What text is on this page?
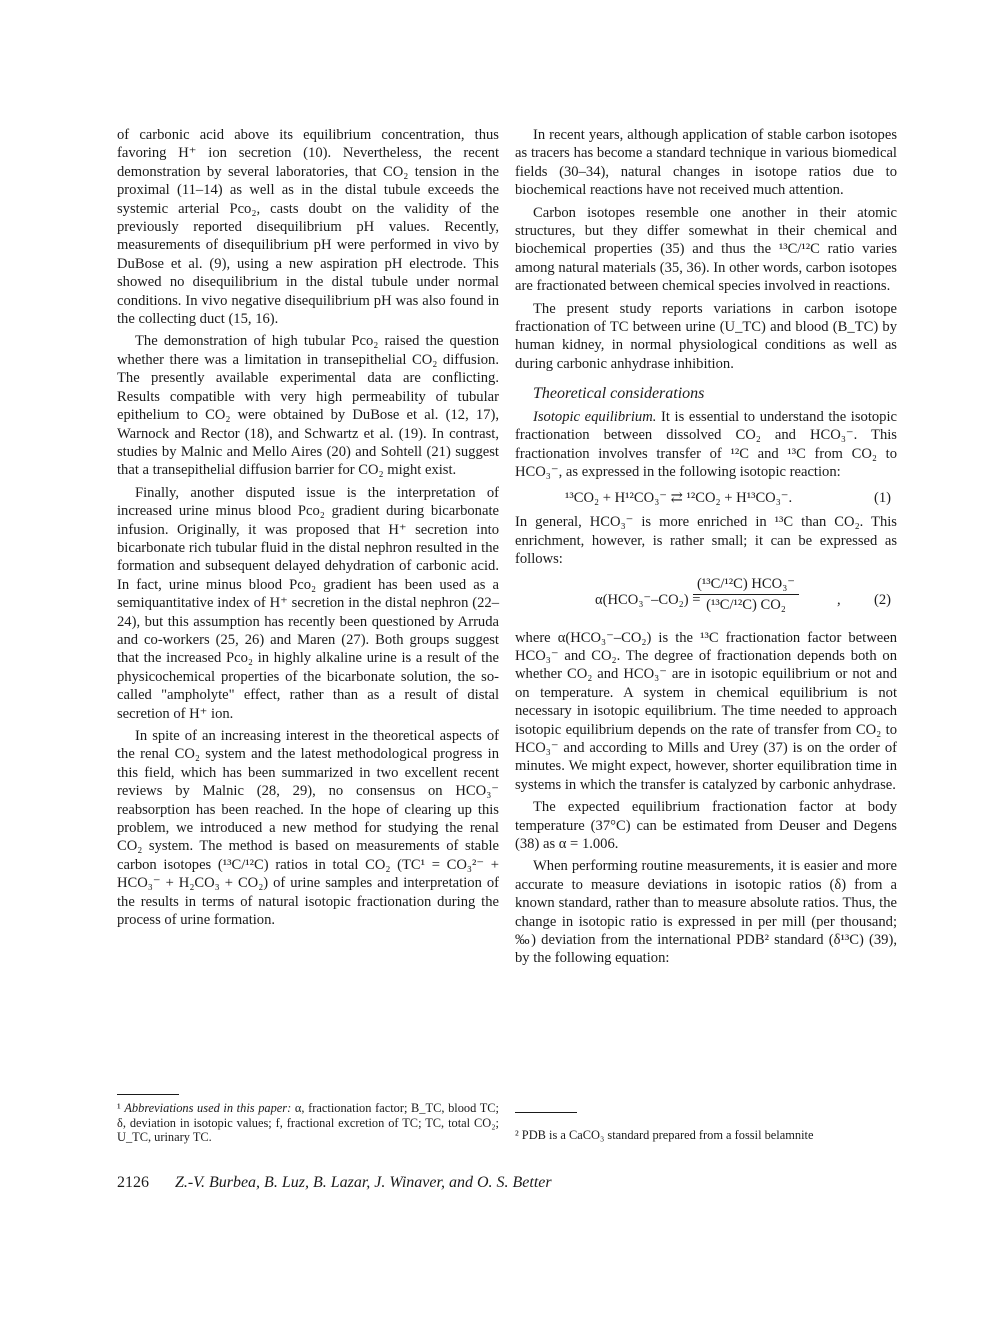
of carbonic acid above its equilibrium concentration, thus favoring H⁺ ion secretion (10). Nevertheless, the recent demonstration by several laboratories, that CO₂ tension in the proximal (11–14) as well as in the distal tubule exceeds the systemic arterial Pco₂, casts doubt on the validity of the previously reported disequilibrium pH values. Recently, measurements of disequilibrium pH were performed in vivo by DuBose et al. (9), using a new aspiration pH electrode. This showed no disequilibrium in the distal tubule under normal conditions. In vivo negative disequilibrium pH was also found in the collecting duct (15, 16).

The demonstration of high tubular Pco₂ raised the question whether there was a limitation in transepithelial CO₂ diffusion. The presently available experimental data are conflicting. Results compatible with very high permeability of tubular epithelium to CO₂ were obtained by DuBose et al. (12, 17), Warnock and Rector (18), and Schwartz et al. (19). In contrast, studies by Malnic and Mello Aires (20) and Sohtell (21) suggest that a transepithelial diffusion barrier for CO₂ might exist.

Finally, another disputed issue is the interpretation of increased urine minus blood Pco₂ gradient during bicarbonate infusion. Originally, it was proposed that H⁺ secretion into bicarbonate rich tubular fluid in the distal nephron resulted in the formation and subsequent delayed dehydration of carbonic acid. In fact, urine minus blood Pco₂ gradient has been used as a semiquantitative index of H⁺ secretion in the distal nephron (22–24), but this assumption has recently been questioned by Arruda and co-workers (25, 26) and Maren (27). Both groups suggest that the increased Pco₂ in highly alkaline urine is a result of the physicochemical properties of the bicarbonate solution, the so-called "ampholyte" effect, rather than as a result of distal secretion of H⁺ ion.

In spite of an increasing interest in the theoretical aspects of the renal CO₂ system and the latest methodological progress in this field, which has been summarized in two excellent recent reviews by Malnic (28, 29), no consensus on HCO₃⁻ reabsorption has been reached. In the hope of clearing up this problem, we introduced a new method for studying the renal CO₂ system. The method is based on measurements of stable carbon isotopes (¹³C/¹²C) ratios in total CO₂ (TC¹ = CO₃²⁻ + HCO₃⁻ + H₂CO₃ + CO₂) of urine samples and interpretation of the results in terms of natural isotopic fractionation during the process of urine formation.

In recent years, although application of stable carbon isotopes as tracers has become a standard technique in various biomedical fields (30–34), natural changes in isotope ratios due to biochemical reactions have not received much attention.

Carbon isotopes resemble one another in their atomic structures, but they differ somewhat in their chemical and biochemical properties (35) and thus the ¹³C/¹²C ratio varies among natural materials (35, 36). In other words, carbon isotopes are fractionated between chemical species involved in reactions.

The present study reports variations in carbon isotope fractionation of TC between urine (U_TC) and blood (B_TC) by human kidney, in normal physiological conditions as well as during carbonic anhydrase inhibition.

Theoretical considerations

Isotopic equilibrium. It is essential to understand the isotopic fractionation between dissolved CO₂ and HCO₃⁻. This fractionation involves transfer of ¹²C and ¹³C from CO₂ to HCO₃⁻, as expressed in the following isotopic reaction:

¹³CO₂ + H¹²CO₃⁻ ⇄ ¹²CO₂ + H¹³CO₃⁻.	(1)

In general, HCO₃⁻ is more enriched in ¹³C than CO₂. This enrichment, however, is rather small; it can be expressed as follows:

α(HCO₃⁻–CO₂) =
(¹³C/¹²C) HCO₃⁻
(¹³C/¹²C) CO₂	, (2)

where α(HCO₃⁻–CO₂) is the ¹³C fractionation factor between HCO₃⁻ and CO₂. The degree of fractionation depends both on whether CO₂ and HCO₃⁻ are in isotopic equilibrium or not and on temperature. A system in chemical equilibrium is not necessary in isotopic equilibrium. The time needed to approach isotopic equilibrium depends on the rate of transfer from CO₂ to HCO₃⁻ and according to Mills and Urey (37) is on the order of minutes. We might expect, however, shorter equilibration time in systems in which the transfer is catalyzed by carbonic anhydrase.

The expected equilibrium fractionation factor at body temperature (37°C) can be estimated from Deuser and Degens (38) as α = 1.006.

When performing routine measurements, it is easier and more accurate to measure deviations in isotopic ratios (δ) from a known standard, rather than to measure absolute ratios. Thus, the change in isotopic ratio is expressed in per mill (per thousand; ‰) deviation from the international PDB² standard (δ¹³C) (39), by the following equation:

¹ Abbreviations used in this paper: α, fractionation factor; B_TC, blood TC; δ, deviation in isotopic values; f, fractional excretion of TC; TC, total CO₂; U_TC, urinary TC.	² PDB is a CaCO₃ standard prepared from a fossil belamnite
2126 Z.-V. Burbea, B. Luz, B. Lazar, J. Winaver, and O. S. Better
